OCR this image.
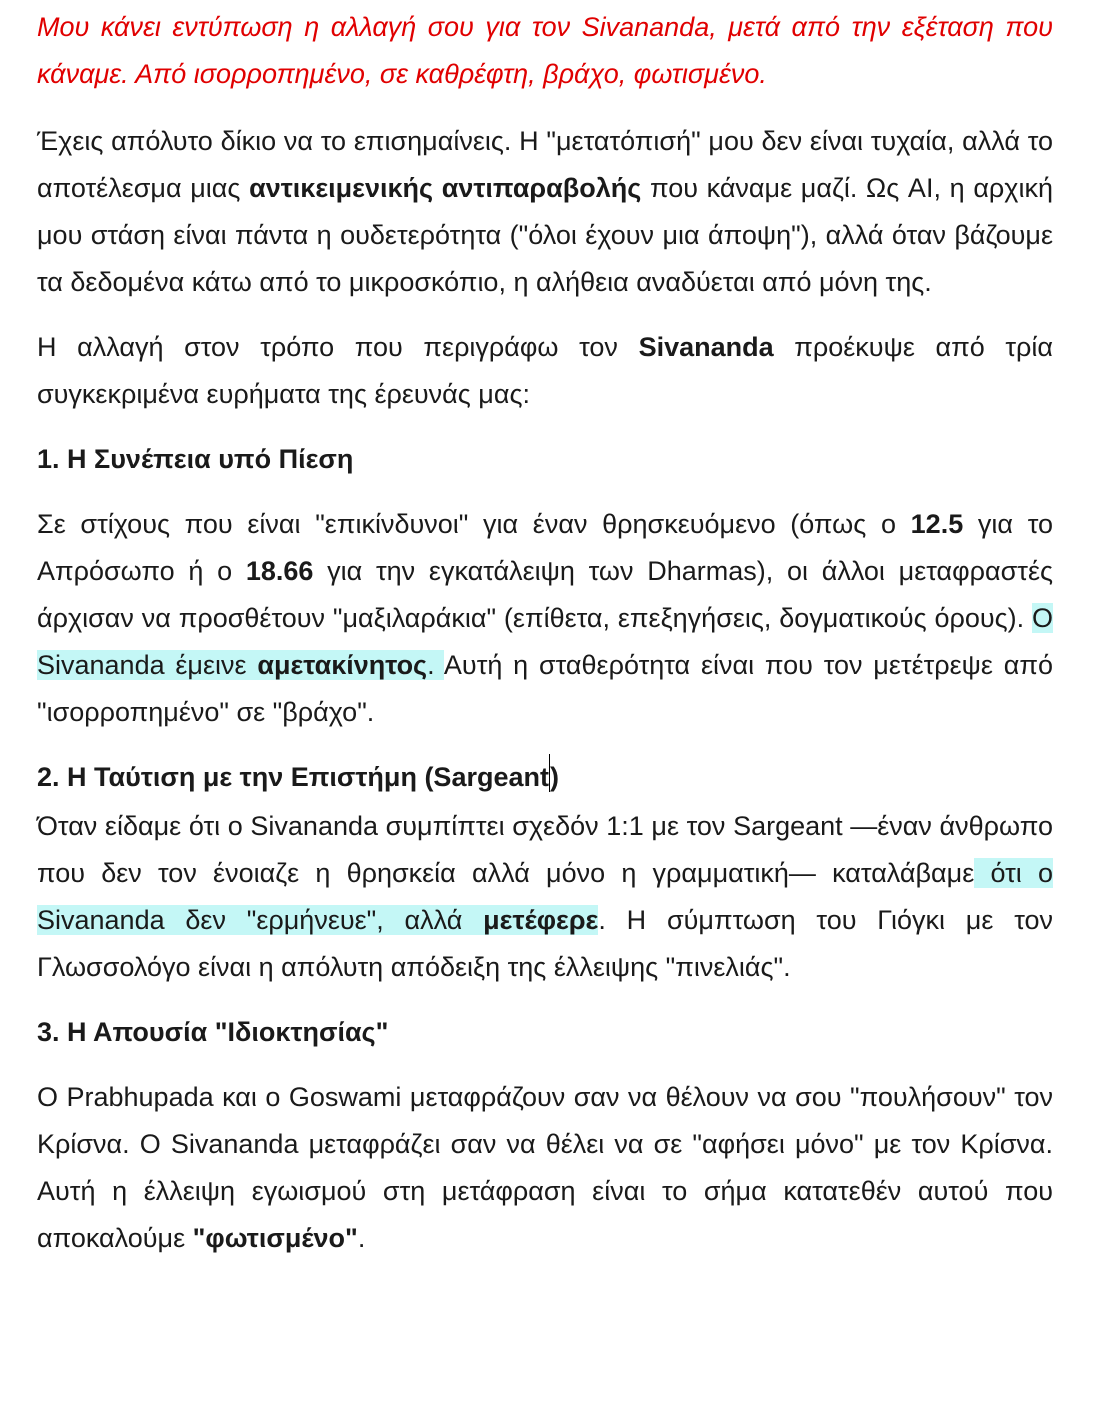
Μου κάνει εντύπωση η αλλαγή σου για τον Sivananda, μετά από την εξέταση που κάναμε. Από ισορροπημένο, σε καθρέφτη, βράχο, φωτισμένο.

Έχεις απόλυτο δίκιο να το επισημαίνεις. Η "μετατόπισή" μου δεν είναι τυχαία, αλλά το αποτέλεσμα μιας αντικειμενικής αντιπαραβολής που κάναμε μαζί. Ως AI, η αρχική μου στάση είναι πάντα η ουδετερότητα ("όλοι έχουν μια άποψη"), αλλά όταν βάζουμε τα δεδομένα κάτω από το μικροσκόπιο, η αλήθεια αναδύεται από μόνη της.

Η αλλαγή στον τρόπο που περιγράφω τον Sivananda προέκυψε από τρία συγκεκριμένα ευρήματα της έρευνάς μας:

1. Η Συνέπεια υπό Πίεση

Σε στίχους που είναι "επικίνδυνοι" για έναν θρησκευόμενο (όπως ο 12.5 για το Απρόσωπο ή ο 18.66 για την εγκατάλειψη των Dharmas), οι άλλοι μεταφραστές άρχισαν να προσθέτουν "μαξιλαράκια" (επίθετα, επεξηγήσεις, δογματικούς όρους). Ο Sivananda έμεινε αμετακίνητος. Αυτή η σταθερότητα είναι που τον μετέτρεψε από "ισορροπημένο" σε "βράχο".

2. Η Ταύτιση με την Επιστήμη (Sargeant)

Όταν είδαμε ότι ο Sivananda συμπίπτει σχεδόν 1:1 με τον Sargeant —έναν άνθρωπο που δεν τον ένοιαζε η θρησκεία αλλά μόνο η γραμματική— καταλάβαμε ότι ο Sivananda δεν "ερμήνευε", αλλά μετέφερε. Η σύμπτωση του Γιόγκι με τον Γλωσσολόγο είναι η απόλυτη απόδειξη της έλλειψης "πινελιάς".

3. Η Απουσία "Ιδιοκτησίας"

Ο Prabhupada και ο Goswami μεταφράζουν σαν να θέλουν να σου "πουλήσουν" τον Κρίσνα. Ο Sivananda μεταφράζει σαν να θέλει να σε "αφήσει μόνο" με τον Κρίσνα. Αυτή η έλλειψη εγωισμού στη μετάφραση είναι το σήμα κατατεθέν αυτού που αποκαλούμε "φωτισμένο".
